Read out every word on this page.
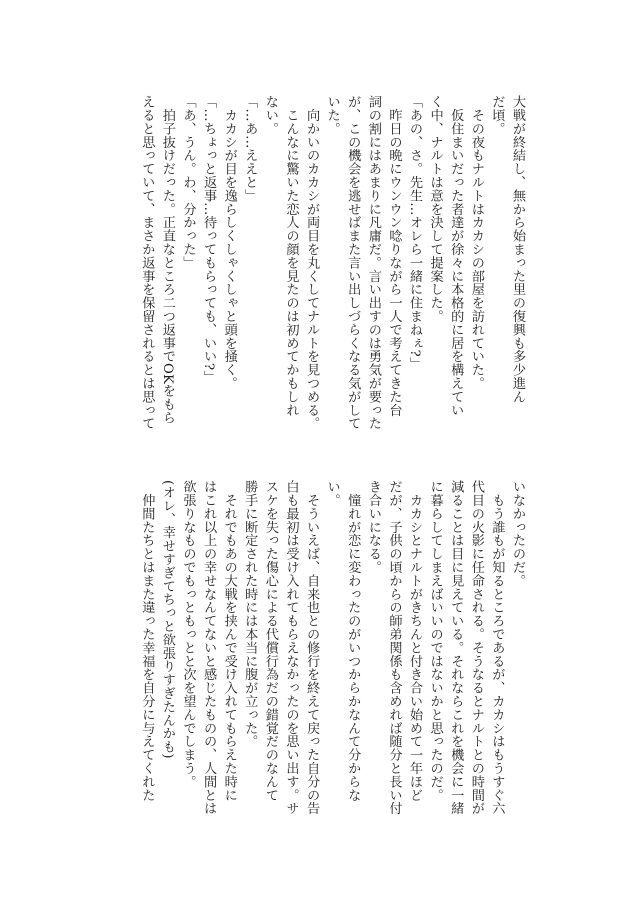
大戦が終結し、無から始まった里の復興も多少進ん
だ頃。
　その夜もナルトはカカシの部屋を訪れていた。
　仮住まいだった者達が徐々に本格的に居を構えてい
く中、ナルトは意を決して提案した。
「あの、さ。先生…オレら一緒に住まねぇ?」
　昨日の晩にウンウン唸りながら一人で考えてきた台
詞の割にはあまりに凡庸だ。言い出すのは勇気が要った
が、この機会を逃せばまた言い出しづらくなる気がして
いた。
　向かいのカカシが両目を丸くしてナルトを見つめる。
　こんなに驚いた恋人の顔を見たのは初めてかもしれ
ない。
「…あ…ええと」
　カカシが目を逸らしくしゃくしゃと頭を掻く。
「…ちょっと返事…待ってもらっても、いい?」
「あ、うん。わ、分かった」
　拍子抜けだった。正直なところ二つ返事でOKをもら
えると思っていて、まさか返事を保留されるとは思って
いなかったのだ。
　もう誰もが知るところであるが、カカシはもうすぐ六
代目の火影に任命される。そうなるとナルトとの時間が
減ることは目に見えている。それならこれを機会に一緒
に暮らしてしまえばいいのではないかと思ったのだ。
　カカシとナルトがきちんと付き合い始めて一年ほど
だが、子供の頃からの師弟関係も含めれば随分と長い付
き合いになる。
　憧れが恋に変わったのがいつからかなんて分からな
い。
　そういえば、自来也との修行を終えて戻った自分の告
白も最初は受け入れてもらえなかったのを思い出す。サ
スケを失った傷心による代償行為だの錯覚だのなんて
勝手に断定された時には本当に腹が立った。
　それでもあの大戦を挟んで受け入れてもらえた時に
はこれ以上の幸せなんてないと感じたものの、人間とは
欲張りなものでもっともっとと次を望んでしまう。
(オレ、幸せすぎてちっと欲張りすぎたんかも)
　仲間たちとはまた違った幸福を自分に与えてくれた
